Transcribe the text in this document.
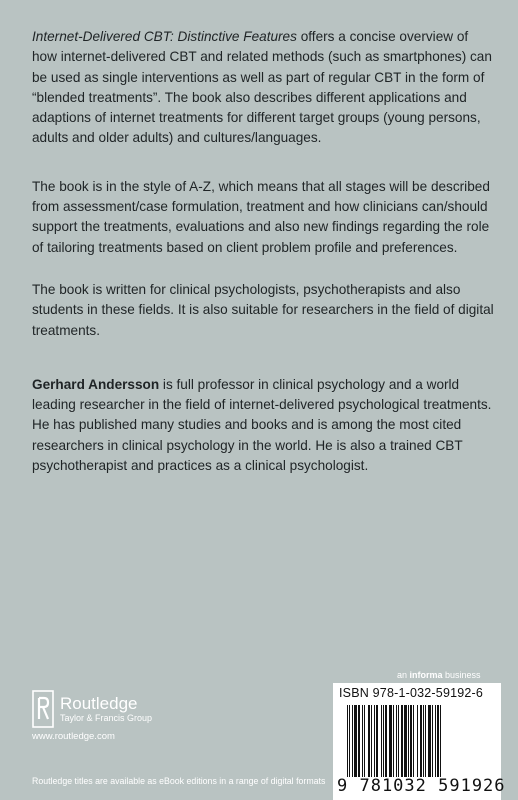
Internet-Delivered CBT: Distinctive Features offers a concise overview of how internet-delivered CBT and related methods (such as smartphones) can be used as single interventions as well as part of regular CBT in the form of “blended treatments”. The book also describes different applications and adaptions of internet treatments for different target groups (young persons, adults and older adults) and cultures/languages.

The book is in the style of A-Z, which means that all stages will be described from assessment/case formulation, treatment and how clinicians can/should support the treatments, evaluations and also new findings regarding the role of tailoring treatments based on client problem profile and preferences.

The book is written for clinical psychologists, psychotherapists and also students in these fields. It is also suitable for researchers in the field of digital treatments.

Gerhard Andersson is full professor in clinical psychology and a world leading researcher in the field of internet-delivered psychological treatments. He has published many studies and books and is among the most cited researchers in clinical psychology in the world. He is also a trained CBT psychotherapist and practices as a clinical psychologist.

an informa business
ISBN 978-1-032-59192-6
9 781032 591926
Routledge
Taylor & Francis Group
www.routledge.com
Routledge titles are available as eBook editions in a range of digital formats
